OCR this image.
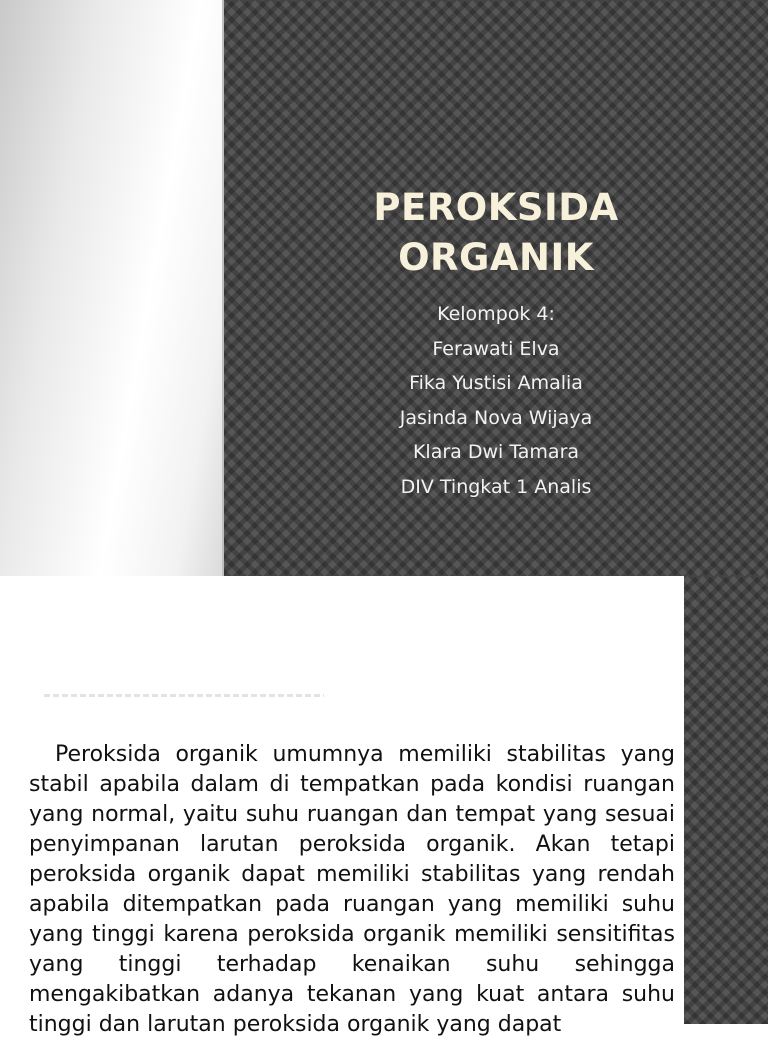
PEROKSIDA
ORGANIK
Kelompok 4:
Ferawati Elva
Fika Yustisi Amalia
Jasinda Nova Wijaya
Klara Dwi Tamara
DIV Tingkat 1 Analis

Peroksida organik umumnya memiliki stabilitas yang stabil apabila dalam di tempatkan pada kondisi ruangan yang normal, yaitu suhu ruangan dan tempat yang sesuai penyimpanan larutan peroksida organik. Akan tetapi peroksida organik dapat memiliki stabilitas yang rendah apabila ditempatkan pada ruangan yang memiliki suhu yang tinggi karena peroksida organik memiliki sensitifitas yang tinggi terhadap kenaikan suhu sehingga mengakibatkan adanya tekanan yang kuat antara suhu tinggi dan larutan peroksida organik yang dapat
